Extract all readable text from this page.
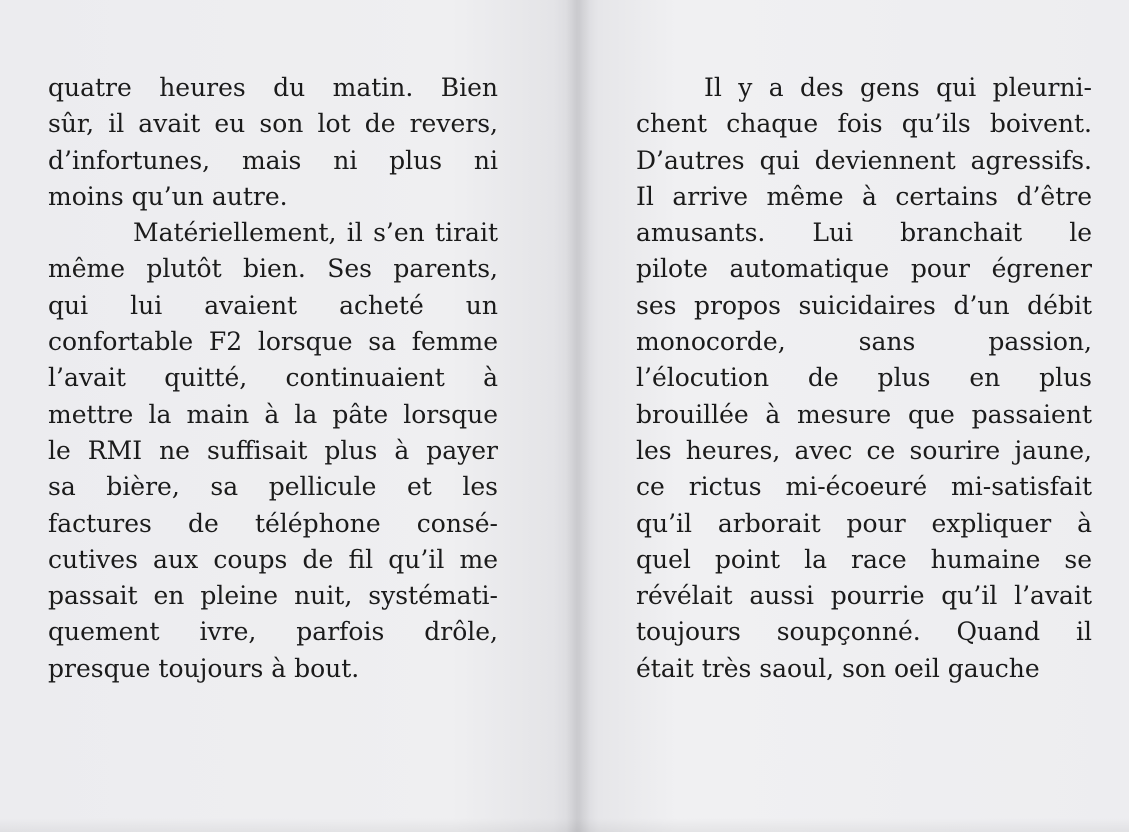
quatre heures du matin. Bien
sûr, il avait eu son lot de revers,
d’infortunes, mais ni plus ni
moins qu’un autre.
Matériellement, il s’en tirait
même plutôt bien. Ses parents,
qui lui avaient acheté un
confortable F2 lorsque sa femme
l’avait quitté, continuaient à
mettre la main à la pâte lorsque
le RMI ne suffisait plus à payer
sa bière, sa pellicule et les
factures de téléphone consé-
cutives aux coups de fil qu’il me
passait en pleine nuit, systémati-
quement ivre, parfois drôle,
presque toujours à bout.
Il y a des gens qui pleurni-
chent chaque fois qu’ils boivent.
D’autres qui deviennent agressifs.
Il arrive même à certains d’être
amusants. Lui branchait le
pilote automatique pour égrener
ses propos suicidaires d’un débit
monocorde, sans passion,
l’élocution de plus en plus
brouillée à mesure que passaient
les heures, avec ce sourire jaune,
ce rictus mi-écoeuré mi-satisfait
qu’il arborait pour expliquer à
quel point la race humaine se
révélait aussi pourrie qu’il l’avait
toujours soupçonné. Quand il
était très saoul, son oeil gauche
